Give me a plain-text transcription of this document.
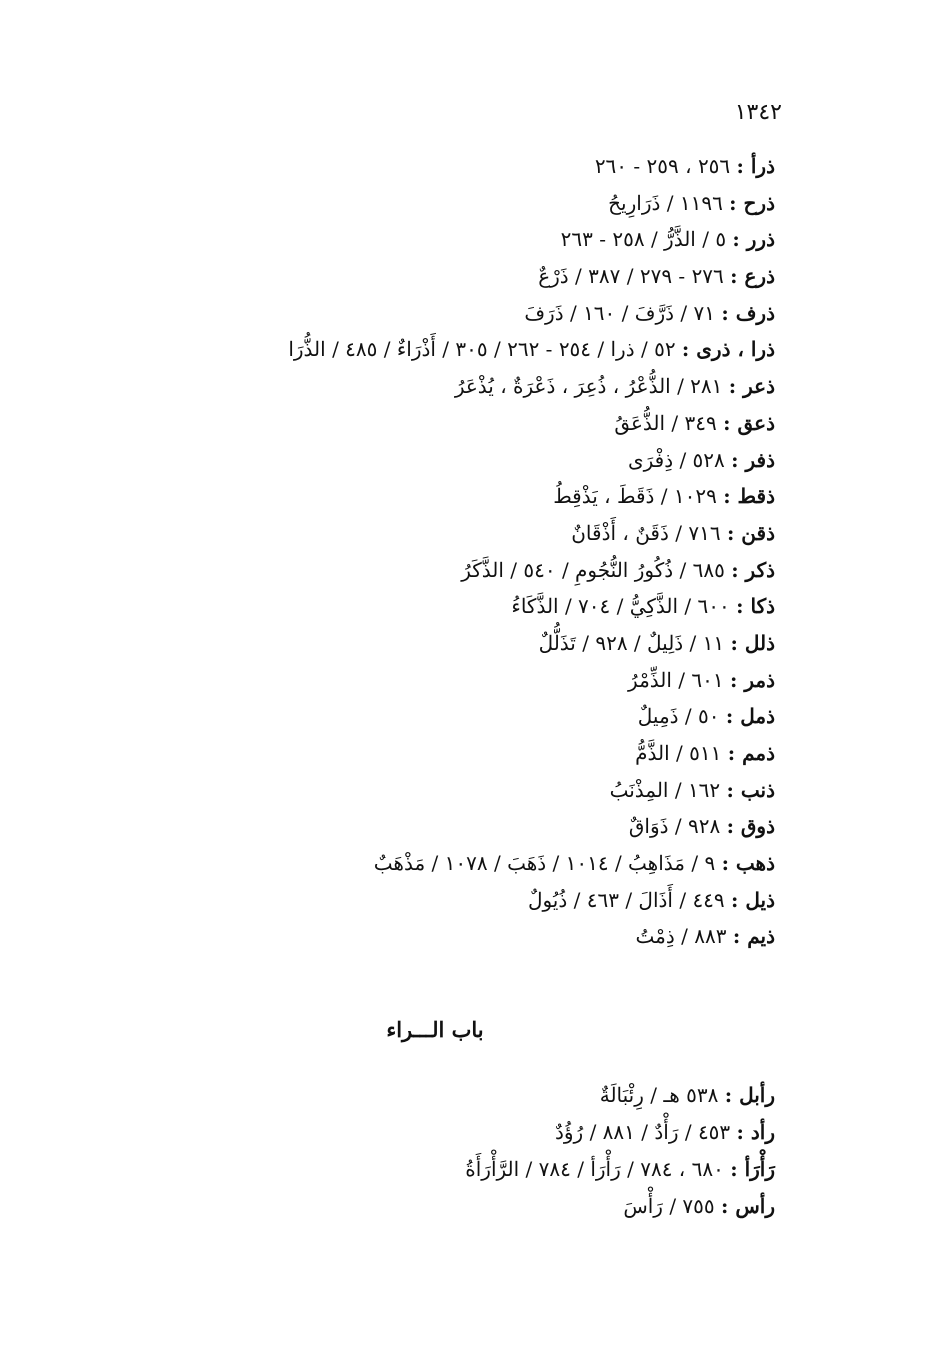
١٣٤٢
ذرأ : ٢٥٦ ، ٢٥٩ - ٢٦٠
ذرح : ١١٩٦ / ذَرَارِيحُ
ذرر : ٥ / الذَّرُّ / ٢٥٨ - ٢٦٣
ذرع : ٢٧٦ - ٢٧٩ / ٣٨٧ / ذَرْعٌ
ذرف : ٧١ / ذَرَّفَ / ١٦٠ / ذَرَفَ
ذرا ، ذرى : ٥٢ / ذرا / ٢٥٤ - ٢٦٢ / ٣٠٥ / أَذْرَاءٌ / ٤٨٥ / الذُّرَا
ذعر : ٢٨١ / الذُّعْرُ ، ذُعِرَ ، ذَعْرَةٌ ، يُذْعَرُ
ذعق : ٣٤٩ / الذُّعَقُ
ذفر : ٥٢٨ / ذِفْرَى
ذقط : ١٠٢٩ / ذَقَطَ ، يَذْقِطُ
ذقن : ٧١٦ / ذَقَنٌ ، أَذْقَانٌ
ذكر : ٦٨٥ / ذُكُورُ النُّجُومِ / ٥٤٠ / الذَّكَرُ
ذكا : ٦٠٠ / الذَّكِيُّ / ٧٠٤ / الذَّكَاءُ
ذلل : ١١ / ذَلِيلٌ / ٩٢٨ / تَذَلُّلٌ
ذمر : ٦٠١ / الذِّمْرُ
ذمل : ٥٠ / ذَمِيلٌ
ذمم : ٥١١ / الذَّمُّ
ذنب : ١٦٢ / المِذْنَبُ
ذوق : ٩٢٨ / ذَوَاقٌ
ذهب : ٩ / مَذَاهِبُ / ١٠١٤ / ذَهَبَ / ١٠٧٨ / مَذْهَبٌ
ذيل : ٤٤٩ / أَذَالَ / ٤٦٣ / ذُيُولٌ
ذيم : ٨٨٣ / ذِمْتُ
باب الـــراء
رأبل : ٥٣٨ هـ / رِئْبَالَةٌ
رأد : ٤٥٣ / رَأْدٌ / ٨٨١ / رُؤُدٌ
رَأْرَأ : ٦٨٠ ، ٧٨٤ / رَأْرَأ / ٧٨٤ / الرَّأْرَأَةُ
رأس : ٧٥٥ / رَأْسَ
